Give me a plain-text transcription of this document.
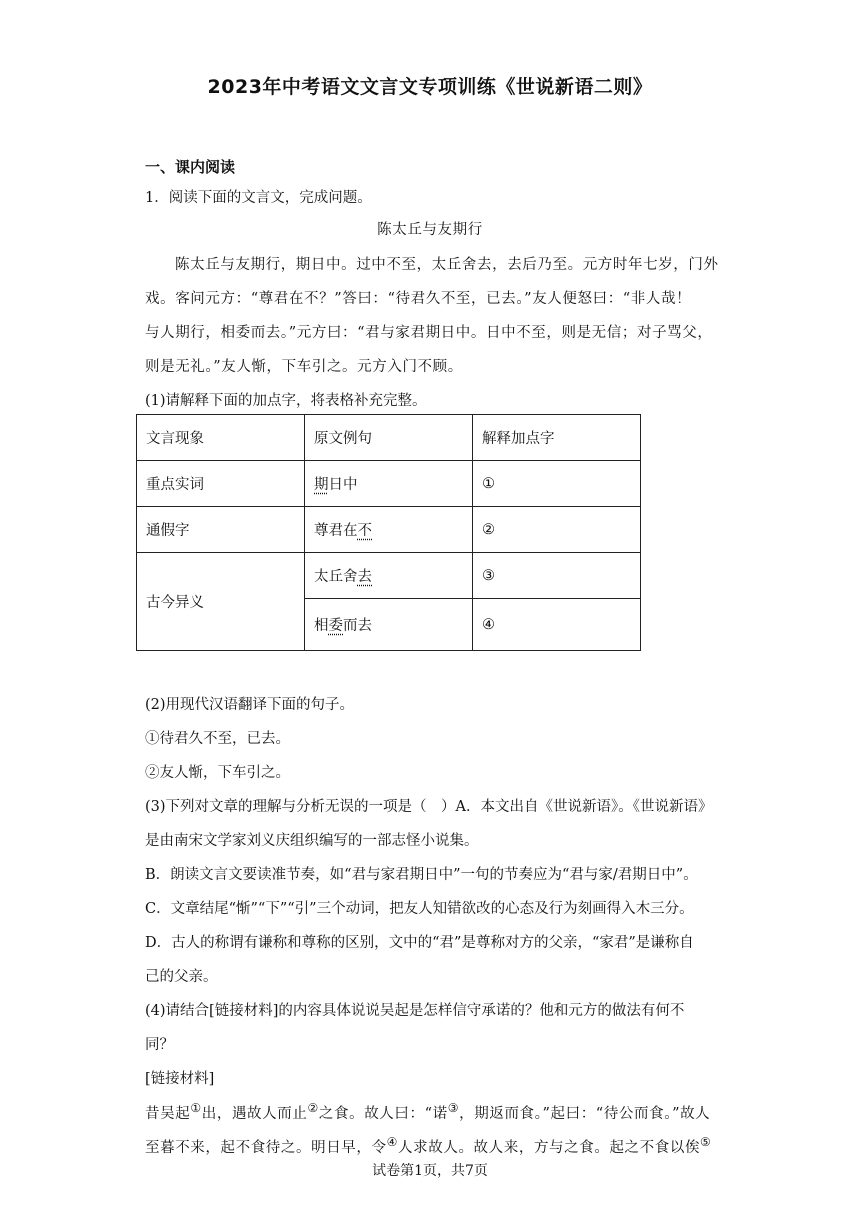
2023年中考语文文言文专项训练《世说新语二则》
一、课内阅读
1．阅读下面的文言文，完成问题。
陈太丘与友期行
陈太丘与友期行，期日中。过中不至，太丘舍去，去后乃至。元方时年七岁，门外
戏。客问元方：“尊君在不？”答曰：“待君久不至，已去。”友人便怒曰：“非人哉！
与人期行，相委而去。”元方曰：“君与家君期日中。日中不至，则是无信；对子骂父，
则是无礼。”友人惭，下车引之。元方入门不顾。
(1)请解释下面的加点字，将表格补充完整。
文言现象	原文例句	解释加点字
重点实词	期日中	①
通假字	尊君在不	②
古今异义	太丘舍去	③
	相委而去	④
(2)用现代汉语翻译下面的句子。
①待君久不至，已去。
②友人惭，下车引之。
(3)下列对文章的理解与分析无误的一项是（　）A．本文出自《世说新语》。《世说新语》
是由南宋文学家刘义庆组织编写的一部志怪小说集。
B．朗读文言文要读准节奏，如“君与家君期日中”一句的节奏应为“君与家/君期日中”。
C．文章结尾“惭”“下”“引”三个动词，把友人知错欲改的心态及行为刻画得入木三分。
D．古人的称谓有谦称和尊称的区别，文中的“君”是尊称对方的父亲，“家君”是谦称自
己的父亲。
(4)请结合[链接材料]的内容具体说说吴起是怎样信守承诺的？他和元方的做法有何不
同？
[链接材料]
昔吴起①出，遇故人而止②之食。故人曰：“诺③，期返而食。”起曰：“待公而食。”故人
至暮不来，起不食待之。明日早，令④人求故人。故人来，方与之食。起之不食以俟⑤
试卷第1页，共7页
